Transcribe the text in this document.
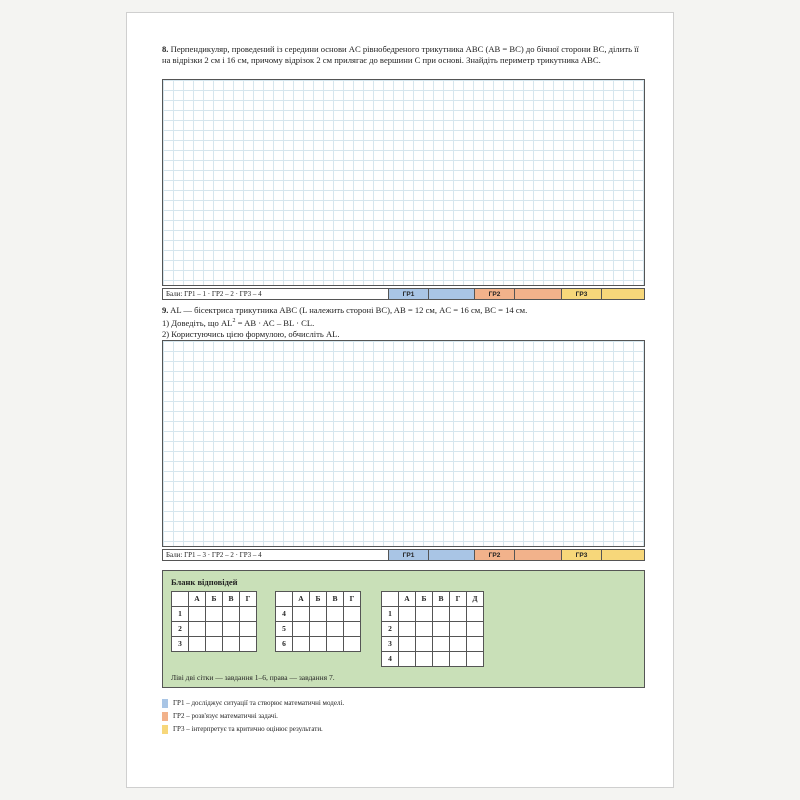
8. Перпендикуляр, проведений із середини основи AC рівнобедреного трикутника ABC (AB = BC) до бічної сторони BC, ділить її на відрізки 2 см і 16 см, причому відрізок 2 см прилягає до вершини C при основі. Знайдіть периметр трикутника ABC.
Бали: ГР1 – 1 · ГР2 – 2 · ГР3 – 4	ГР1	ГР2	ГР3
9. AL — бісектриса трикутника ABC (L належить стороні BC), AB = 12 см, AC = 16 см, BC = 14 см.
1) Доведіть, що $AL^2$ = AB · AC – BL · CL.
2) Користуючись цією формулою, обчисліть AL.
Бали: ГР1 – 3 · ГР2 – 2 · ГР3 – 4	ГР1	ГР2	ГР3
Бланк відповідей
	А	Б	В	Г
1				
2				
3				
	А	Б	В	Г
4				
5				
6				
	А	Б	В	Г	Д
1					
2					
3					
4					
Ліві дві сітки — завдання 1–6, права — завдання 7.
ГР1 – досліджує ситуації та створює математичні моделі.
ГР2 – розв'язує математичні задачі.
ГР3 – інтерпретує та критично оцінює результати.
